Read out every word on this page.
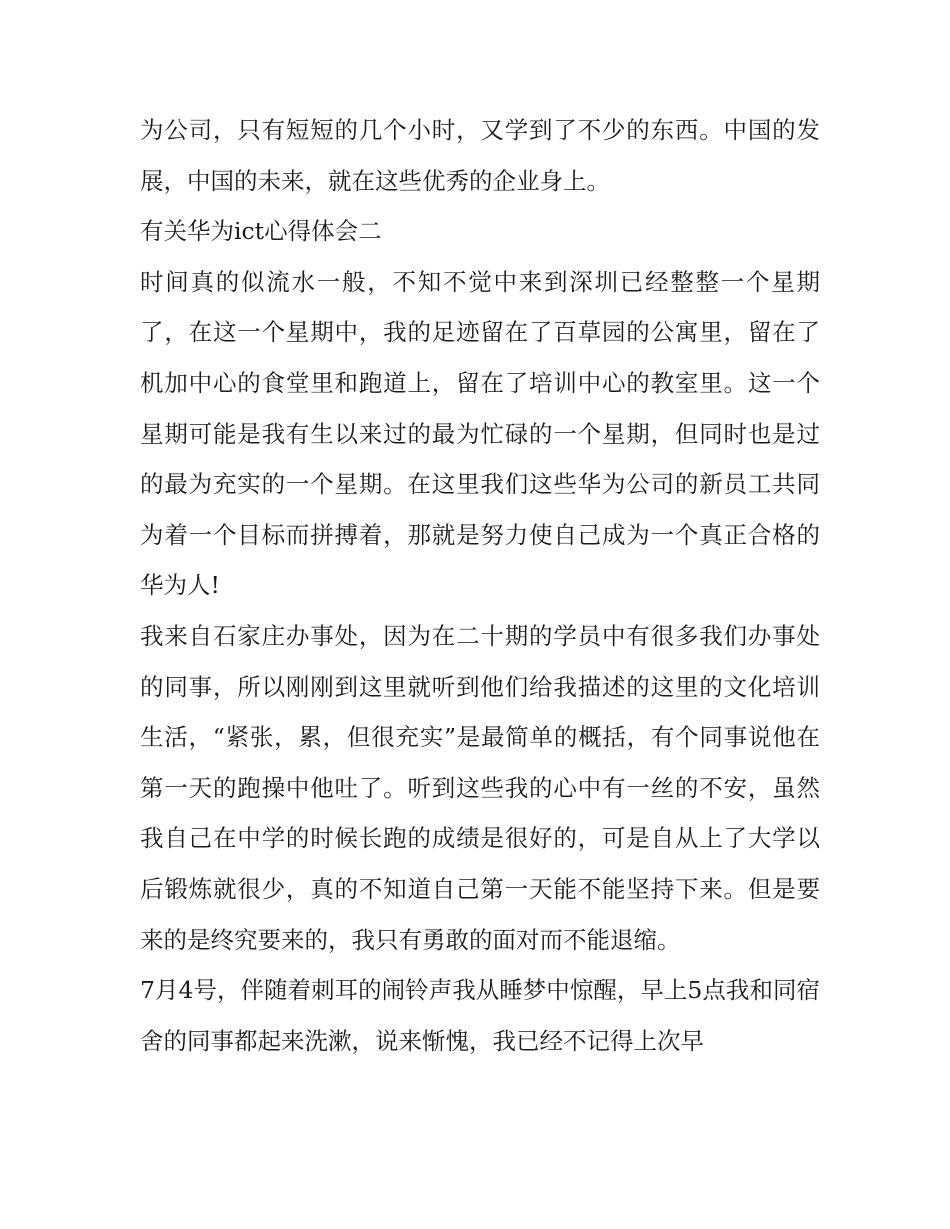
为公司，只有短短的几个小时，又学到了不少的东西。中国的发展，中国的未来，就在这些优秀的企业身上。

有关华为ict心得体会二

时间真的似流水一般，不知不觉中来到深圳已经整整一个星期了，在这一个星期中，我的足迹留在了百草园的公寓里，留在了机加中心的食堂里和跑道上，留在了培训中心的教室里。这一个星期可能是我有生以来过的最为忙碌的一个星期，但同时也是过的最为充实的一个星期。在这里我们这些华为公司的新员工共同为着一个目标而拼搏着，那就是努力使自己成为一个真正合格的华为人!

我来自石家庄办事处，因为在二十期的学员中有很多我们办事处的同事，所以刚刚到这里就听到他们给我描述的这里的文化培训生活，“紧张，累，但很充实”是最简单的概括，有个同事说他在第一天的跑操中他吐了。听到这些我的心中有一丝的不安，虽然我自己在中学的时候长跑的成绩是很好的，可是自从上了大学以后锻炼就很少，真的不知道自己第一天能不能坚持下来。但是要来的是终究要来的，我只有勇敢的面对而不能退缩。

7月4号，伴随着刺耳的闹铃声我从睡梦中惊醒，早上5点我和同宿舍的同事都起来洗漱，说来惭愧，我已经不记得上次早
